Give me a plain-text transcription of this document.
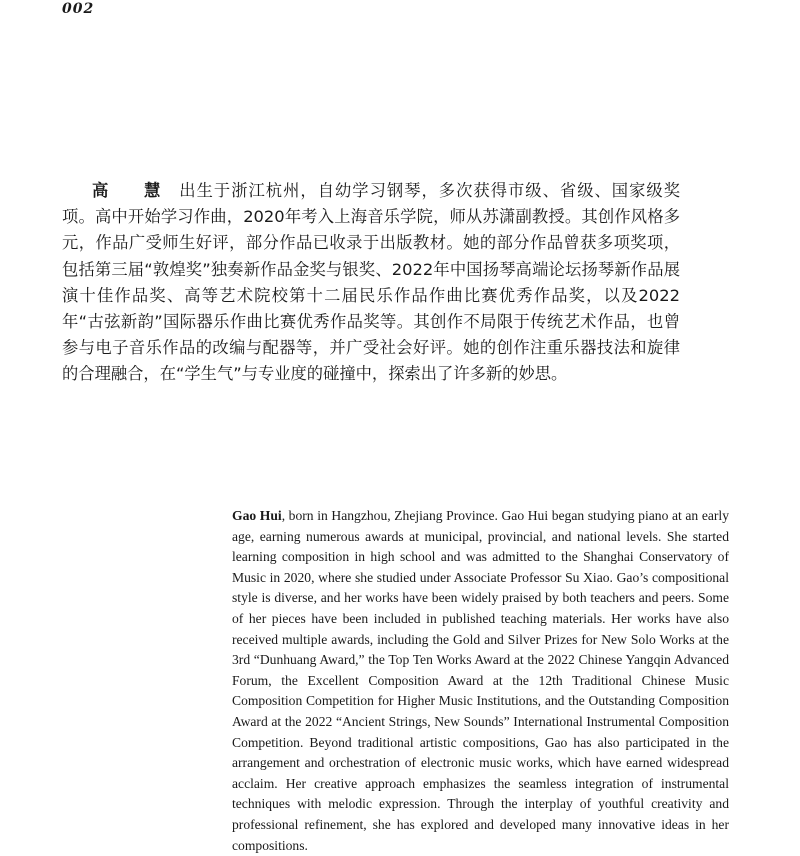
002

高 慧 出生于浙江杭州，自幼学习钢琴，多次获得市级、省级、国家级奖项。高中开始学习作曲，2020年考入上海音乐学院，师从苏潇副教授。其创作风格多元，作品广受师生好评，部分作品已收录于出版教材。她的部分作品曾获多项奖项，包括第三届“敦煌奖”独奏新作品金奖与银奖、2022年中国扬琴高端论坛扬琴新作品展演十佳作品奖、高等艺术院校第十二届民乐作品作曲比赛优秀作品奖，以及2022年“古弦新韵”国际器乐作曲比赛优秀作品奖等。其创作不局限于传统艺术作品，也曾参与电子音乐作品的改编与配器等，并广受社会好评。她的创作注重乐器技法和旋律的合理融合，在“学生气”与专业度的碰撞中，探索出了许多新的妙思。

Gao Hui, born in Hangzhou, Zhejiang Province. Gao Hui began studying piano at an early age, earning numerous awards at municipal, provincial, and national levels. She started learning composition in high school and was admitted to the Shanghai Conservatory of Music in 2020, where she studied under Associate Professor Su Xiao. Gao’s compositional style is diverse, and her works have been widely praised by both teachers and peers. Some of her pieces have been included in published teaching materials. Her works have also received multiple awards, including the Gold and Silver Prizes for New Solo Works at the 3rd “Dunhuang Award,” the Top Ten Works Award at the 2022 Chinese Yangqin Advanced Forum, the Excellent Composition Award at the 12th Traditional Chinese Music Composition Competition for Higher Music Institutions, and the Outstanding Composition Award at the 2022 “Ancient Strings, New Sounds” International Instrumental Composition Competition. Beyond traditional artistic compositions, Gao has also participated in the arrangement and orchestration of electronic music works, which have earned widespread acclaim. Her creative approach emphasizes the seamless integration of instrumental techniques with melodic expression. Through the interplay of youthful creativity and professional refinement, she has explored and developed many innovative ideas in her compositions.
